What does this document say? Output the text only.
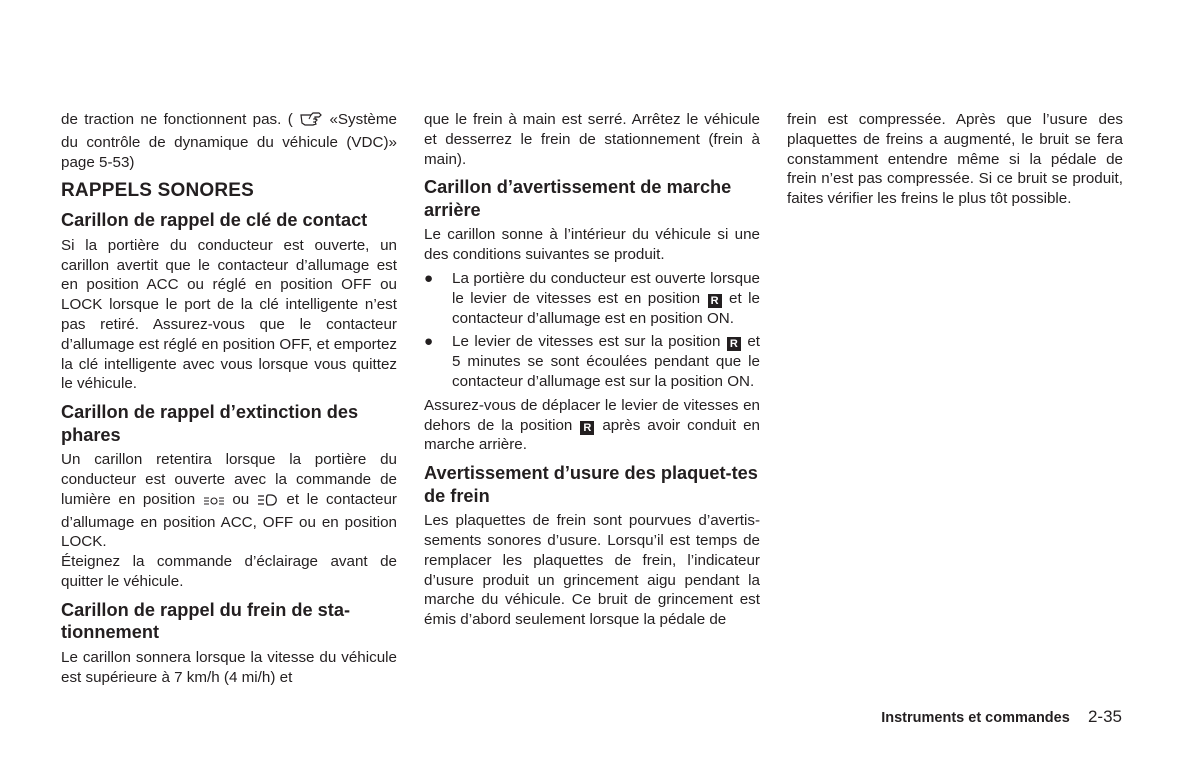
de traction ne fonctionnent pas. ( «Système du contrôle de dynamique du véhicule (VDC)» page 5-53)

RAPPELS SONORES
Carillon de rappel de clé de contact

Si la portière du conducteur est ouverte, un carillon avertit que le contacteur d’allumage est en position ACC ou réglé en position OFF ou LOCK lorsque le port de la clé intelligente n’est pas retiré. Assurez-vous que le contacteur d’allumage est réglé en position OFF, et emportez la clé intelligente avec vous lorsque vous quittez le véhicule.

Carillon de rappel d’extinction des phares

Un carillon retentira lorsque la portière du conducteur est ouverte avec la commande de lumière en position ou et le contacteur d’allumage en position ACC, OFF ou en position LOCK.

Éteignez la commande d’éclairage avant de quitter le véhicule.

Carillon de rappel du frein de sta-tionnement

Le carillon sonnera lorsque la vitesse du véhicule est supérieure à 7 km/h (4 mi/h) et

que le frein à main est serré. Arrêtez le véhicule et desserrez le frein de stationnement (frein à main).

Carillon d’avertissement de marche arrière

Le carillon sonne à l’intérieur du véhicule si une des conditions suivantes se produit.

● La portière du conducteur est ouverte lorsque le levier de vitesses est en position R et le contacteur d’allumage est en position ON.
● Le levier de vitesses est sur la position R et 5 minutes se sont écoulées pendant que le contacteur d’allumage est sur la position ON.

Assurez-vous de déplacer le levier de vitesses en dehors de la position R après avoir conduit en marche arrière.

Avertissement d’usure des plaquet-tes de frein

Les plaquettes de frein sont pourvues d’avertis-sements sonores d’usure. Lorsqu’il est temps de remplacer les plaquettes de frein, l’indicateur d’usure produit un grincement aigu pendant la marche du véhicule. Ce bruit de grincement est émis d’abord seulement lorsque la pédale de

frein est compressée. Après que l’usure des plaquettes de freins a augmenté, le bruit se fera constamment entendre même si la pédale de frein n’est pas compressée. Si ce bruit se produit, faites vérifier les freins le plus tôt possible.

Instruments et commandes 2-35
